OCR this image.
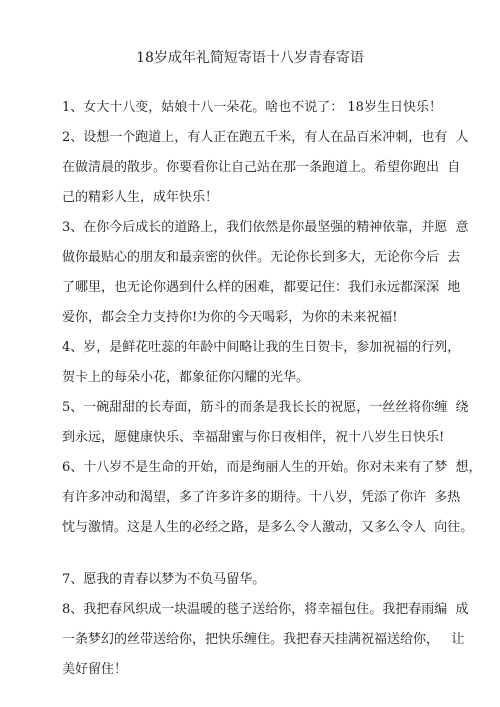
18岁成年礼简短寄语十八岁青春寄语
1、女大十八变，姑娘十八一朵花。啥也不说了： 18岁生日快乐！
2、设想一个跑道上，有人正在跑五千米，有人在品百米冲刺，也有  人
在做清晨的散步。你要看你让自己站在那一条跑道上。希望你跑出  自
己的精彩人生，成年快乐！
3、在你今后成长的道路上，我们依然是你最坚强的精神依靠，并愿  意
做你最贴心的朋友和最亲密的伙伴。无论你长到多大，无论你今后  去
了哪里，也无论你遇到什么样的困难，都要记住：我们永远都深深  地
爱你，都会全力支持你!为你的今天喝彩，为你的未来祝福!
4、岁，是鲜花吐蕊的年龄中间略让我的生日贺卡，参加祝福的行列，
贺卡上的每朵小花，都象征你闪耀的光华。
5、一碗甜甜的长寿面，筋斗的而条是我长长的祝愿，一丝丝将你缠  绕
到永远，愿健康快乐、幸福甜蜜与你日夜相伴，祝十八岁生日快乐!
6、十八岁不是生命的开始，而是绚丽人生的开始。你对未来有了梦  想，
有许多冲动和渴望，多了许多许多的期待。十八岁，凭添了你许  多热
忱与激情。这是人生的必经之路，是多么令人激动，又多么令人  向往。
7、愿我的青春以梦为不负马留华。
8、我把春风织成一块温暖的毯子送给你，将幸福包住。我把春雨编  成
一条梦幻的丝带送给你，把快乐缠住。我把春天挂满祝福送给你，   让
美好留住！
